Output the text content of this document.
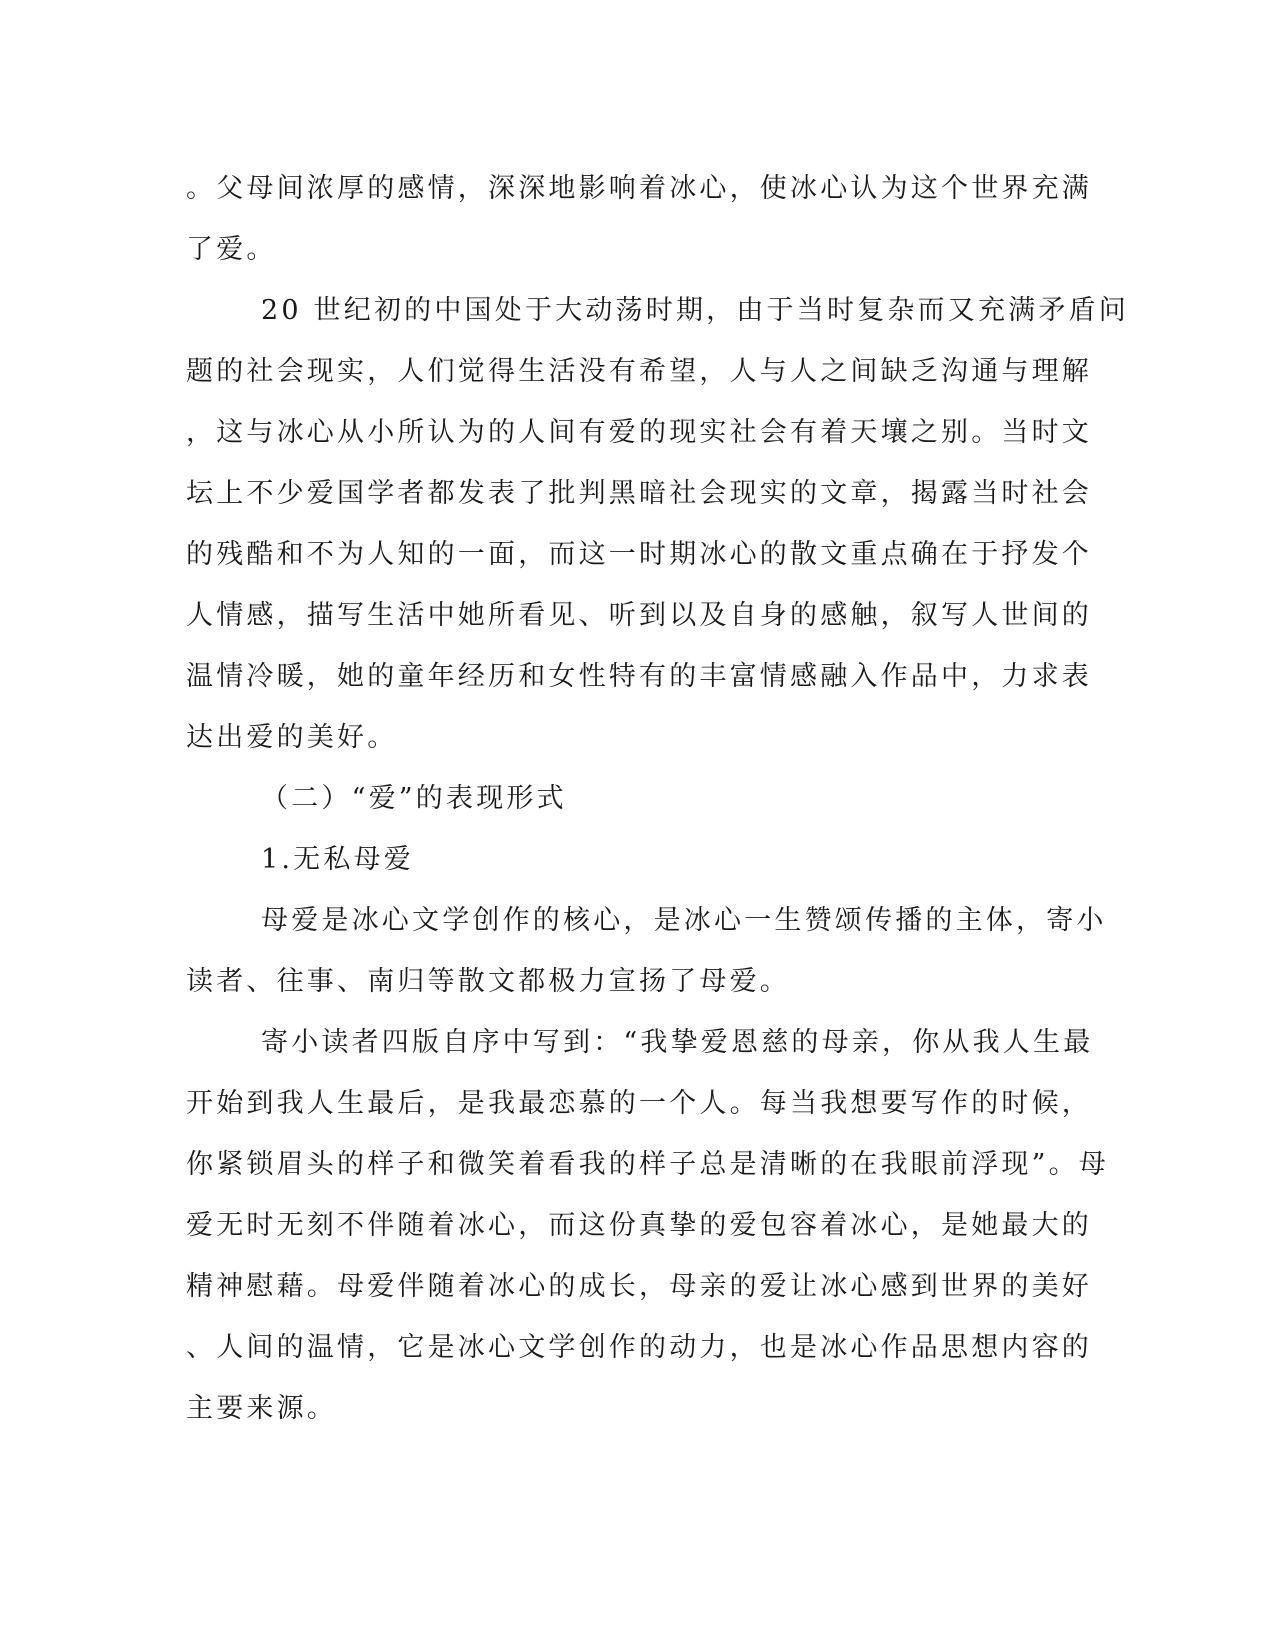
。父母间浓厚的感情，深深地影响着冰心，使冰心认为这个世界充满
了爱。
20 世纪初的中国处于大动荡时期，由于当时复杂而又充满矛盾问
题的社会现实，人们觉得生活没有希望，人与人之间缺乏沟通与理解
，这与冰心从小所认为的人间有爱的现实社会有着天壤之别。当时文
坛上不少爱国学者都发表了批判黑暗社会现实的文章，揭露当时社会
的残酷和不为人知的一面，而这一时期冰心的散文重点确在于抒发个
人情感，描写生活中她所看见、听到以及自身的感触，叙写人世间的
温情冷暖，她的童年经历和女性特有的丰富情感融入作品中，力求表
达出爱的美好。
（二）“爱”的表现形式
1.无私母爱
母爱是冰心文学创作的核心，是冰心一生赞颂传播的主体，寄小
读者、往事、南归等散文都极力宣扬了母爱。
寄小读者四版自序中写到：“我挚爱恩慈的母亲，你从我人生最
开始到我人生最后，是我最恋慕的一个人。每当我想要写作的时候，
你紧锁眉头的样子和微笑着看我的样子总是清晰的在我眼前浮现”。母
爱无时无刻不伴随着冰心，而这份真挚的爱包容着冰心，是她最大的
精神慰藉。母爱伴随着冰心的成长，母亲的爱让冰心感到世界的美好
、人间的温情，它是冰心文学创作的动力，也是冰心作品思想内容的
主要来源。
